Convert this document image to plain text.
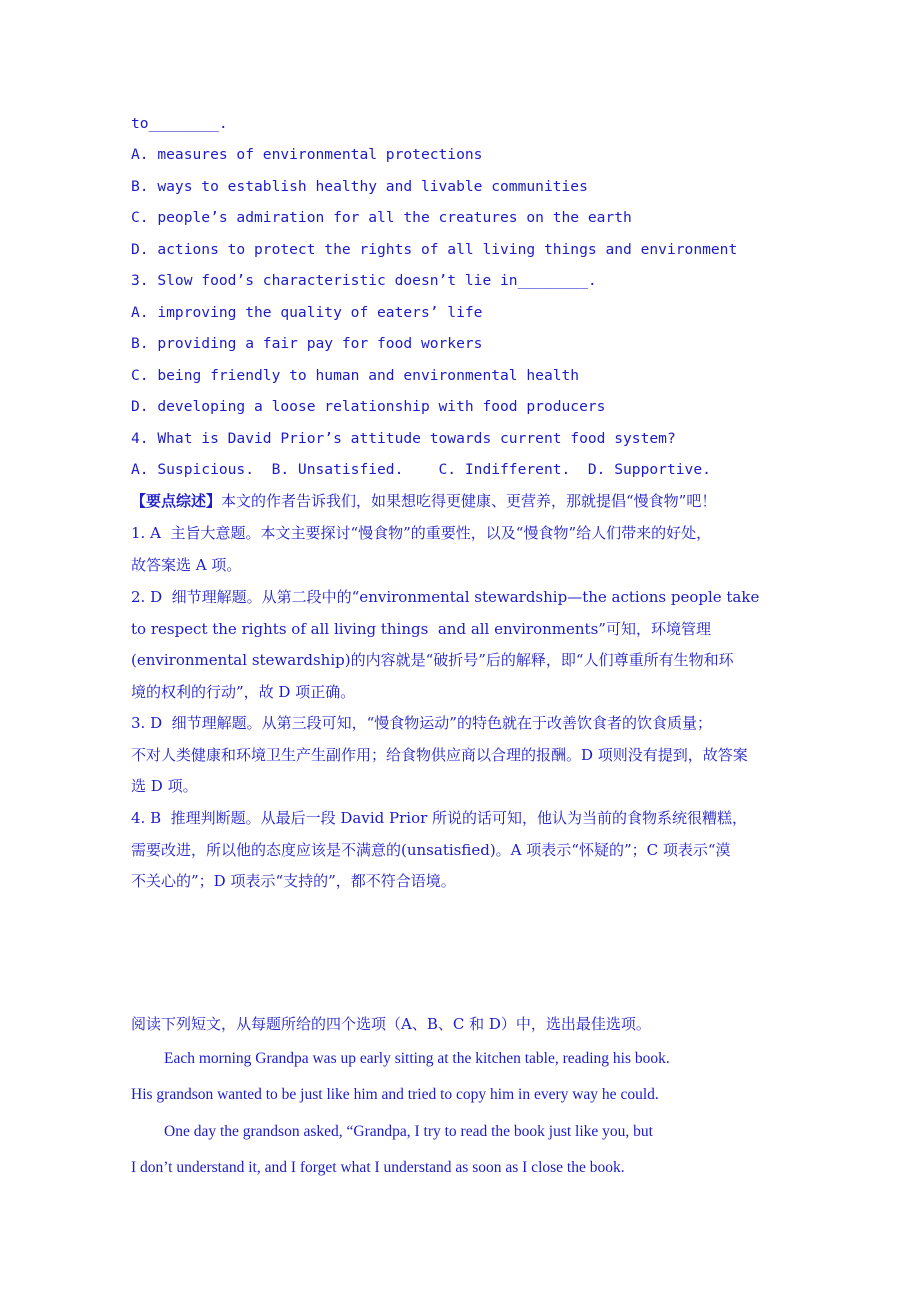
to________.
A. measures of environmental protections
B. ways to establish healthy and livable communities
C. people’s admiration for all the creatures on the earth
D. actions to protect the rights of all living things and environment
3. Slow food’s characteristic doesn’t lie in________.
A. improving the quality of eaters’ life
B. providing a fair pay for food workers
C. being friendly to human and environmental health
D. developing a loose relationship with food producers
4. What is David Prior’s attitude towards current food system?
A. Suspicious.  B. Unsatisfied.    C. Indifferent.  D. Supportive.
【要点综述】本文的作者告诉我们，如果想吃得更健康、更营养，那就提倡“慢食物”吧！
1. A  主旨大意题。本文主要探讨“慢食物”的重要性，以及“慢食物”给人们带来的好处，
故答案选 A 项。
2. D  细节理解题。从第二段中的“environmental stewardship—the actions people take
to respect the rights of all living things  and all environments”可知，环境管理
(environmental stewardship)的内容就是“破折号”后的解释，即“人们尊重所有生物和环
境的权利的行动”，故 D 项正确。
3. D  细节理解题。从第三段可知，“慢食物运动”的特色就在于改善饮食者的饮食质量；
不对人类健康和环境卫生产生副作用；给食物供应商以合理的报酬。D 项则没有提到，故答案
选 D 项。
4. B  推理判断题。从最后一段 David Prior 所说的话可知，他认为当前的食物系统很糟糕，
需要改进，所以他的态度应该是不满意的(unsatisfied)。A 项表示“怀疑的”；C 项表示“漠
不关心的”；D 项表示“支持的”，都不符合语境。
阅读下列短文，从每题所给的四个选项（A、B、C 和 D）中，选出最佳选项。
Each morning Grandpa was up early sitting at the kitchen table, reading his book.
His grandson wanted to be just like him and tried to copy him in every way he could.
One day the grandson asked, “Grandpa, I try to read the book just like you, but
I don’t understand it, and I forget what I understand as soon as I close the book.
